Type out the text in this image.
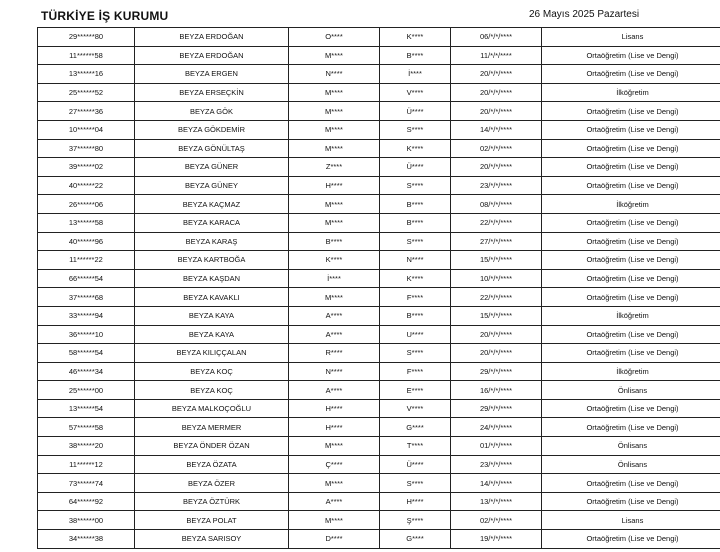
TÜRKİYE İŞ KURUMU	26 Mayıs 2025 Pazartesi
29******80	BEYZA ERDOĞAN	O****	K****	06/*/*/****	Lisans
11******58	BEYZA ERDOĞAN	M****	B****	11/*/*/****	Ortaöğretim (Lise ve Dengi)
13******16	BEYZA ERGEN	N****	İ****	20/*/*/****	Ortaöğretim (Lise ve Dengi)
25******52	BEYZA ERSEÇKİN	M****	V****	20/*/*/****	İlköğretim
27******36	BEYZA GÖK	M****	Ü****	20/*/*/****	Ortaöğretim (Lise ve Dengi)
10******04	BEYZA GÖKDEMİR	M****	S****	14/*/*/****	Ortaöğretim (Lise ve Dengi)
37******80	BEYZA GÖNÜLTAŞ	M****	K****	02/*/*/****	Ortaöğretim (Lise ve Dengi)
39******02	BEYZA GÜNER	Z****	Ü****	20/*/*/****	Ortaöğretim (Lise ve Dengi)
40******22	BEYZA GÜNEY	H****	S****	23/*/*/****	Ortaöğretim (Lise ve Dengi)
26******06	BEYZA KAÇMAZ	M****	B****	08/*/*/****	İlköğretim
13******58	BEYZA KARACA	M****	B****	22/*/*/****	Ortaöğretim (Lise ve Dengi)
40******96	BEYZA KARAŞ	B****	S****	27/*/*/****	Ortaöğretim (Lise ve Dengi)
11******22	BEYZA KARTBOĞA	K****	N****	15/*/*/****	Ortaöğretim (Lise ve Dengi)
66******54	BEYZA KAŞDAN	İ****	K****	10/*/*/****	Ortaöğretim (Lise ve Dengi)
37******68	BEYZA KAVAKLI	M****	F****	22/*/*/****	Ortaöğretim (Lise ve Dengi)
33******94	BEYZA KAYA	A****	B****	15/*/*/****	İlköğretim
36******10	BEYZA KAYA	A****	U****	20/*/*/****	Ortaöğretim (Lise ve Dengi)
58******54	BEYZA KILIÇÇALAN	R****	S****	20/*/*/****	Ortaöğretim (Lise ve Dengi)
46******34	BEYZA KOÇ	N****	F****	29/*/*/****	İlköğretim
25******00	BEYZA KOÇ	A****	E****	16/*/*/****	Önlisans
13******54	BEYZA MALKOÇOĞLU	H****	V****	29/*/*/****	Ortaöğretim (Lise ve Dengi)
57******58	BEYZA MERMER	H****	G****	24/*/*/****	Ortaöğretim (Lise ve Dengi)
38******20	BEYZA ÖNDER ÖZAN	M****	T****	01/*/*/****	Önlisans
11******12	BEYZA ÖZATA	Ç****	Ü****	23/*/*/****	Önlisans
73******74	BEYZA ÖZER	M****	S****	14/*/*/****	Ortaöğretim (Lise ve Dengi)
64******92	BEYZA ÖZTÜRK	A****	H****	13/*/*/****	Ortaöğretim (Lise ve Dengi)
38******00	BEYZA POLAT	M****	Ş****	02/*/*/****	Lisans
34******38	BEYZA SARISOY	D****	G****	19/*/*/****	Ortaöğretim (Lise ve Dengi)
